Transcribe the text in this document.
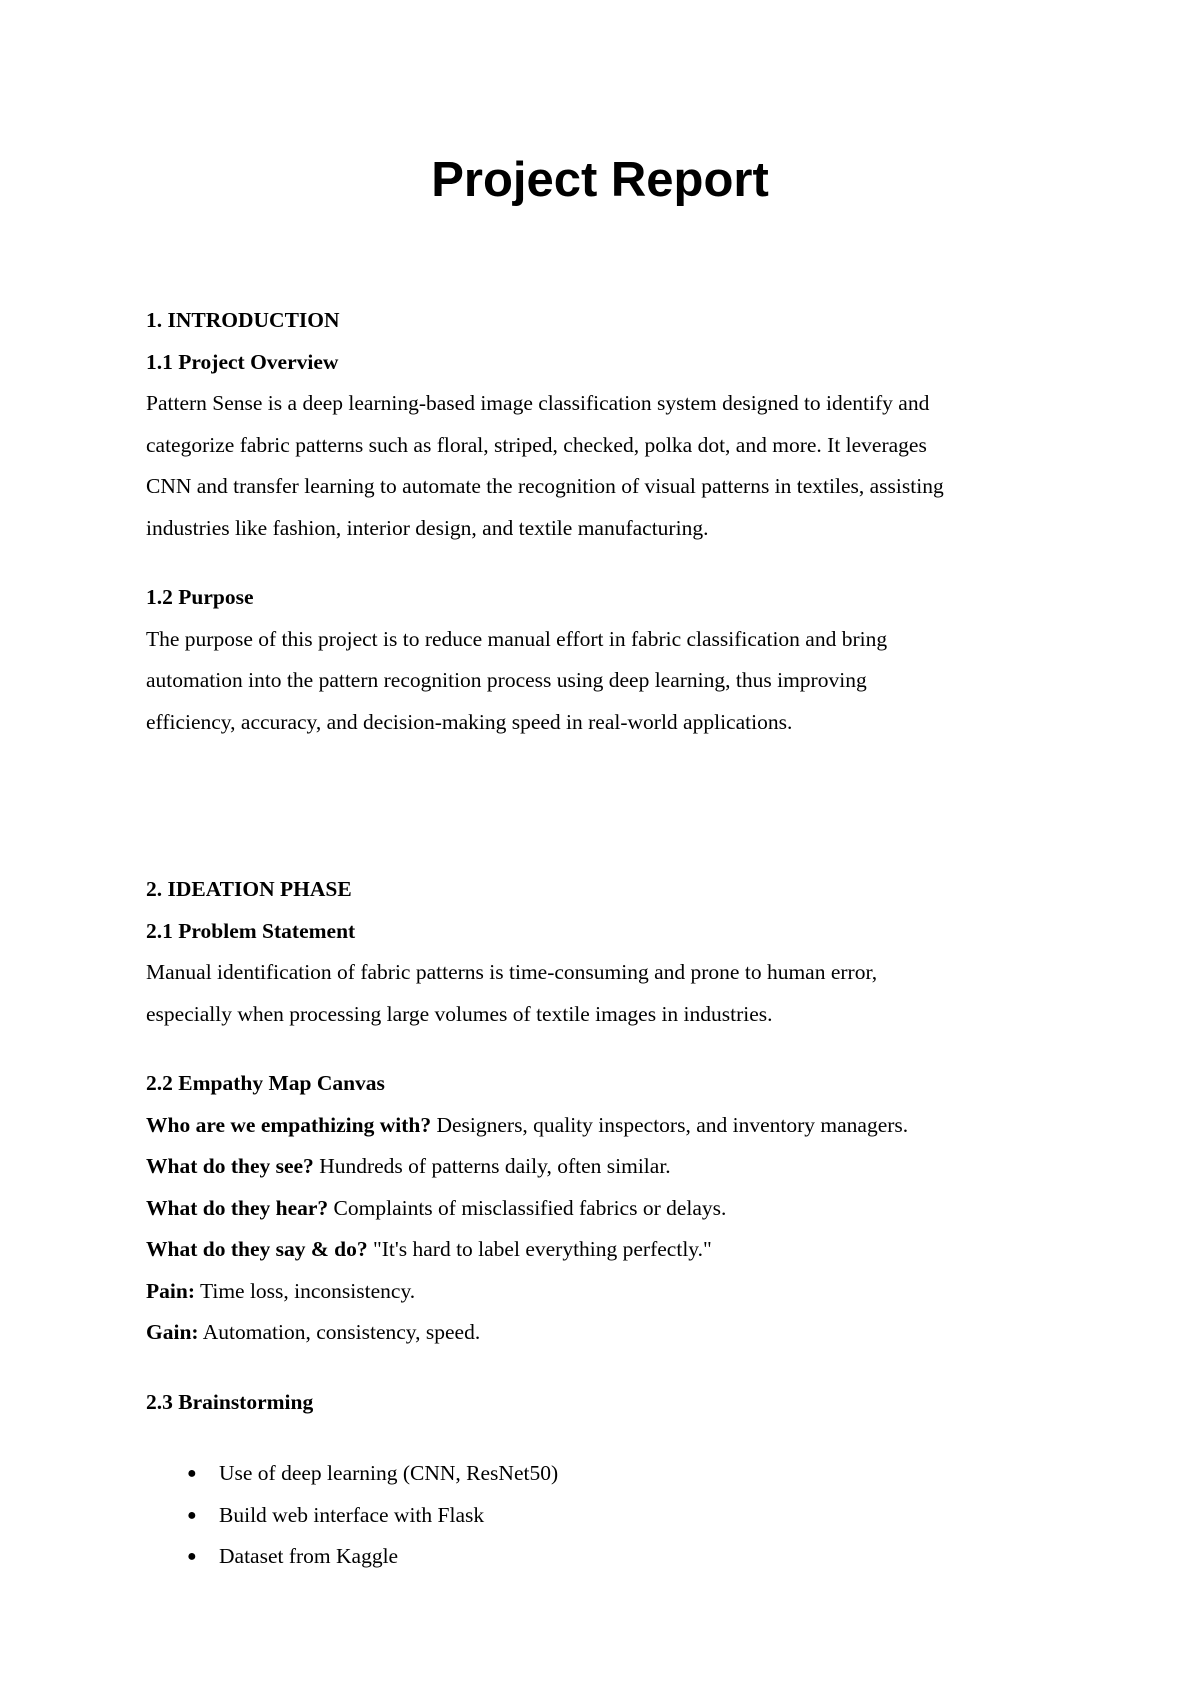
Project Report
1. INTRODUCTION
1.1 Project Overview

Pattern Sense is a deep learning-based image classification system designed to identify and

categorize fabric patterns such as floral, striped, checked, polka dot, and more. It leverages

CNN and transfer learning to automate the recognition of visual patterns in textiles, assisting

industries like fashion, interior design, and textile manufacturing.

1.2 Purpose

The purpose of this project is to reduce manual effort in fabric classification and bring

automation into the pattern recognition process using deep learning, thus improving

efficiency, accuracy, and decision-making speed in real-world applications.

2. IDEATION PHASE
2.1 Problem Statement

Manual identification of fabric patterns is time-consuming and prone to human error,

especially when processing large volumes of textile images in industries.

2.2 Empathy Map Canvas

Who are we empathizing with? Designers, quality inspectors, and inventory managers.

What do they see? Hundreds of patterns daily, often similar.

What do they hear? Complaints of misclassified fabrics or delays.

What do they say & do? "It's hard to label everything perfectly."

Pain: Time loss, inconsistency.

Gain: Automation, consistency, speed.

2.3 Brainstorming
● Use of deep learning (CNN, ResNet50)
● Build web interface with Flask
● Dataset from Kaggle
